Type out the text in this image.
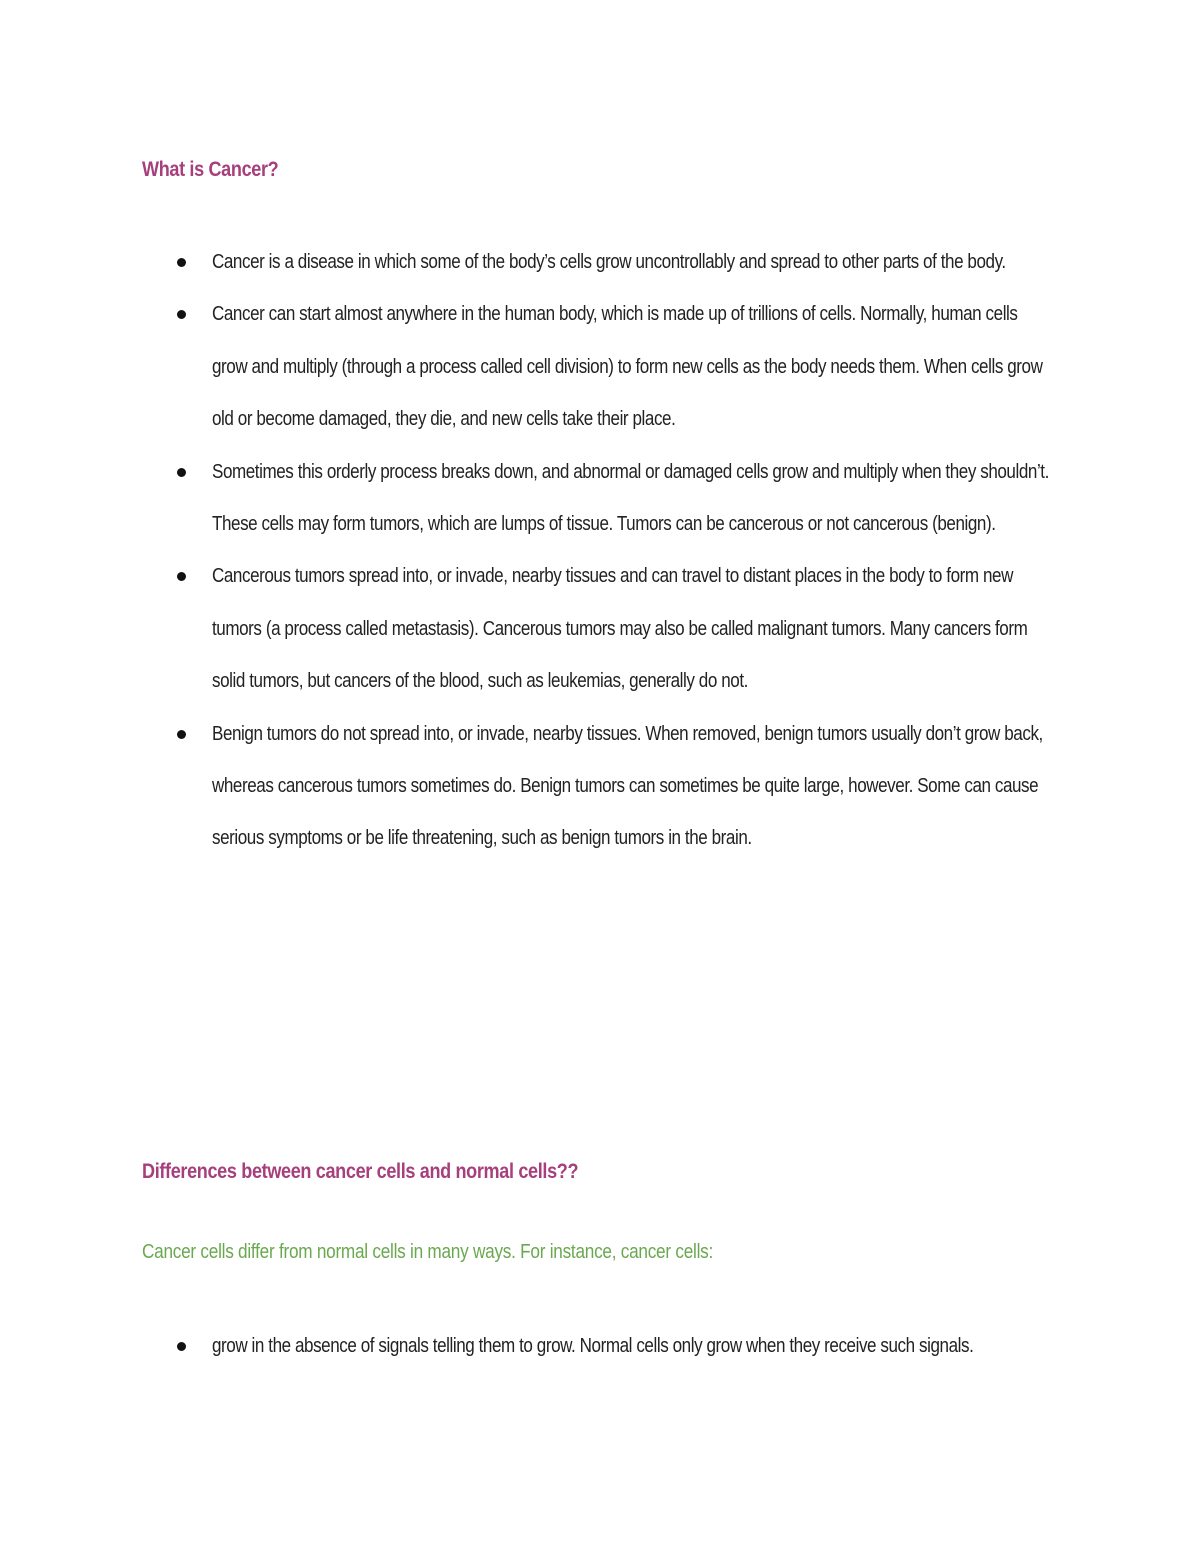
What is Cancer?
Cancer is a disease in which some of the body’s cells grow uncontrollably and spread to other parts of the body.
Cancer can start almost anywhere in the human body, which is made up of trillions of cells. Normally, human cells grow and multiply (through a process called cell division) to form new cells as the body needs them. When cells grow old or become damaged, they die, and new cells take their place.
Sometimes this orderly process breaks down, and abnormal or damaged cells grow and multiply when they shouldn’t. These cells may form tumors, which are lumps of tissue. Tumors can be cancerous or not cancerous (benign).
Cancerous tumors spread into, or invade, nearby tissues and can travel to distant places in the body to form new tumors (a process called metastasis). Cancerous tumors may also be called malignant tumors. Many cancers form solid tumors, but cancers of the blood, such as leukemias, generally do not.
Benign tumors do not spread into, or invade, nearby tissues. When removed, benign tumors usually don’t grow back, whereas cancerous tumors sometimes do. Benign tumors can sometimes be quite large, however. Some can cause serious symptoms or be life threatening, such as benign tumors in the brain.
Differences between cancer cells and normal cells??

Cancer cells differ from normal cells in many ways. For instance, cancer cells:

grow in the absence of signals telling them to grow. Normal cells only grow when they receive such signals.
